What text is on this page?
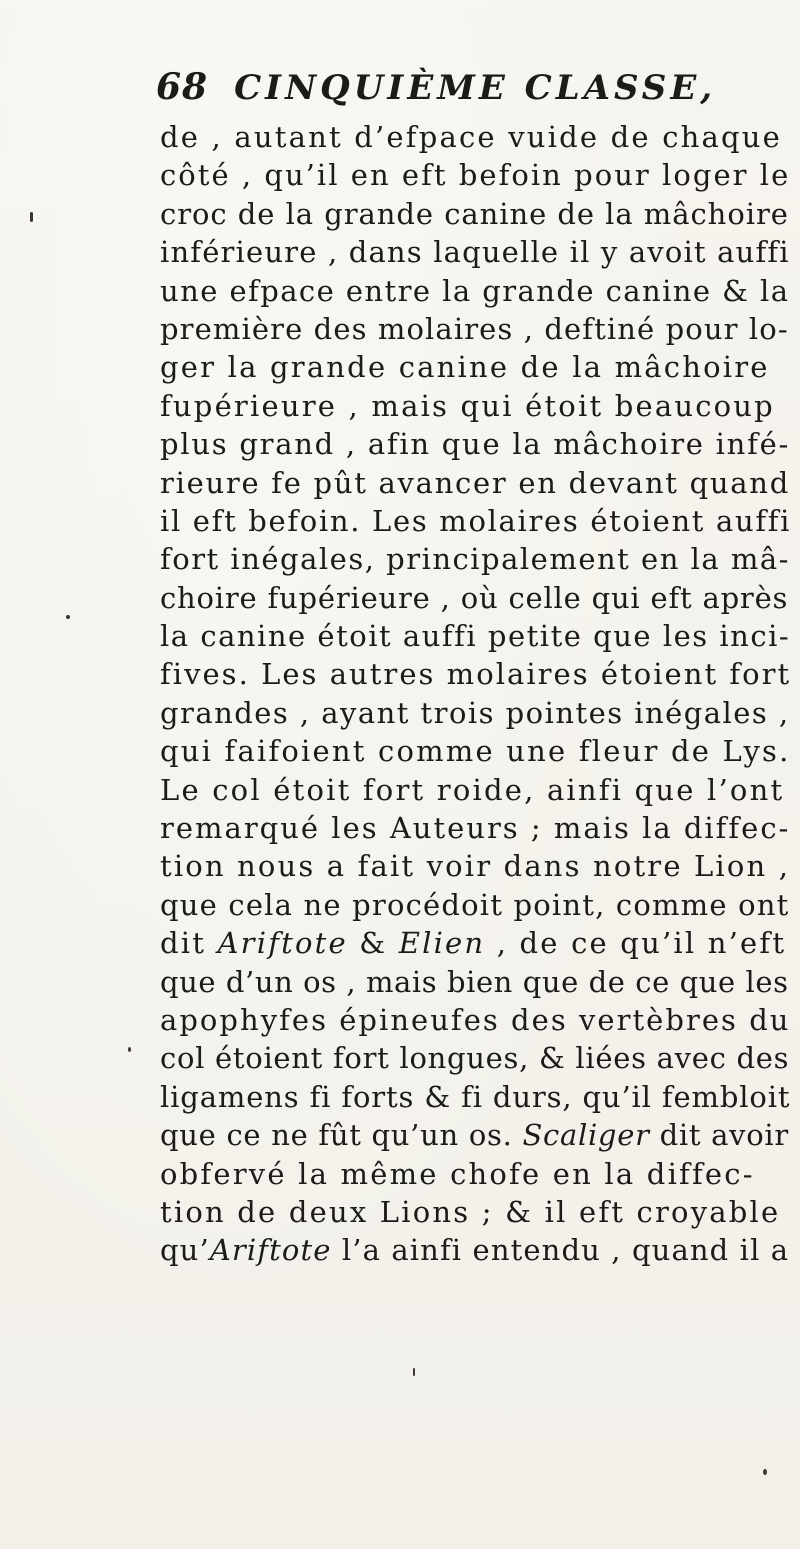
68 CINQUIÈME CLASSE,
de , autant d’efpace vuide de chaque
côté , qu’il en eft befoin pour loger le
croc de la grande canine de la mâchoire
inférieure , dans laquelle il y avoit auffi
une efpace entre la grande canine & la
première des molaires , deftiné pour lo-
ger la grande canine de la mâchoire
fupérieure , mais qui étoit beaucoup
plus grand , afin que la mâchoire infé-
rieure fe pût avancer en devant quand
il eft befoin. Les molaires étoient auffi
fort inégales, principalement en la mâ-
choire fupérieure , où celle qui eft après
la canine étoit auffi petite que les inci-
fives. Les autres molaires étoient fort
grandes , ayant trois pointes inégales ,
qui faifoient comme une fleur de Lys.
Le col étoit fort roide, ainfi que l’ont
remarqué les Auteurs ; mais la diffec-
tion nous a fait voir dans notre Lion ,
que cela ne procédoit point, comme ont
dit Ariftote & Elien , de ce qu’il n’eft
que d’un os , mais bien que de ce que les
apophyfes épineufes des vertèbres du
col étoient fort longues, & liées avec des
ligamens fi forts & fi durs, qu’il fembloit
que ce ne fût qu’un os. Scaliger dit avoir
obfervé la même chofe en la diffec-
tion de deux Lions ; & il eft croyable
qu’Ariftote l’a ainfi entendu , quand il a
